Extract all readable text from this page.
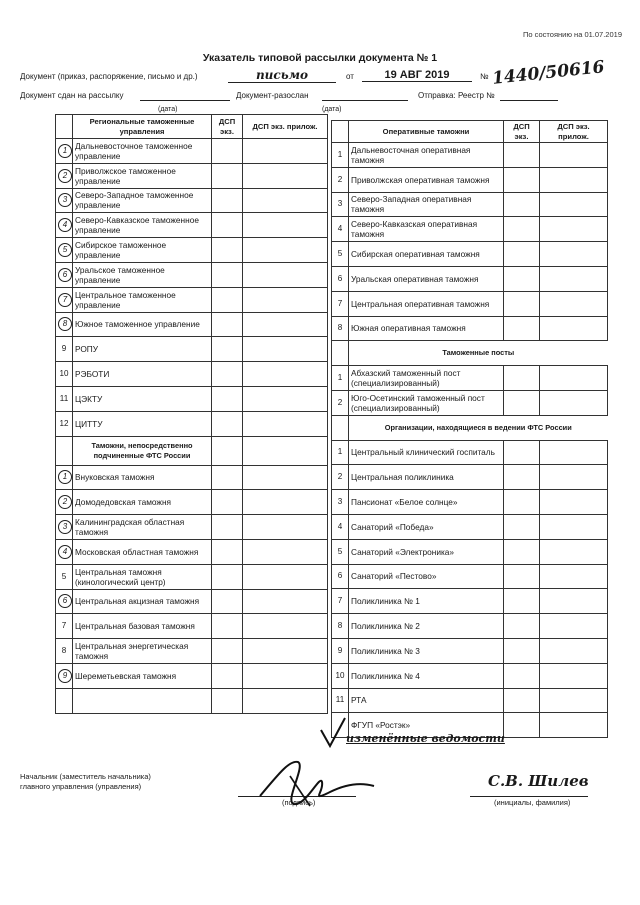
По состоянию на 01.07.2019
Указатель типовой рассылки документа № 1
Документ (приказ, распоряжение, письмо и др.)	письмо	от	19 АВГ 2019	№ 1440/50616
Документ сдан на рассылку	Документ-разослан	Отправка: Реестр №
(дата)	(дата)
	Региональные таможенные управления	ДСП экз.	ДСП экз. прилож.
1	Дальневосточное таможенное управление		
2	Приволжское таможенное управление		
3	Северо-Западное таможенное управление		
4	Северо-Кавказское таможенное управление		
5	Сибирское таможенное управление		
6	Уральское таможенное управление		
7	Центральное таможенное управление		
8	Южное таможенное управление		
9	РОПУ		
10	РЭБОТИ		
11	ЦЭКТУ		
12	ЦИТТУ		
	Таможни, непосредственно подчиненные ФТС России		
1	Внуковская таможня		
2	Домодедовская таможня		
3	Калининградская областная таможня		
4	Московская областная таможня		
5	Центральная таможня (кинологический центр)		
6	Центральная акцизная таможня		
7	Центральная базовая таможня		
8	Центральная энергетическая таможня		
9	Шереметьевская таможня		

	Оперативные таможни	ДСП экз.	ДСП экз. прилож.
1	Дальневосточная оперативная таможня		
2	Приволжская оперативная таможня		
3	Северо-Западная оперативная таможня		
4	Северо-Кавказская оперативная таможня		
5	Сибирская оперативная таможня		
6	Уральская оперативная таможня		
7	Центральная оперативная таможня		
8	Южная оперативная таможня		
	Таможенные посты		
1	Абхазский таможенный пост (специализированный)		
2	Юго-Осетинский таможенный пост (специализированный)		
	Организации, находящиеся в ведении ФТС России		
1	Центральный клинический госпиталь		
2	Центральная поликлиника		
3	Пансионат «Белое солнце»		
4	Санаторий «Победа»		
5	Санаторий «Электроника»		
6	Санаторий «Пестово»		
7	Поликлиника № 1		
8	Поликлиника № 2		
9	Поликлиника № 3		
10	Поликлиника № 4		
11	РТА		
	ФГУП «Ростэк»		
изменённые ведомости
Начальник (заместитель начальника)
главного управления (управления)
(подпись)
С.В. Шилев
(инициалы, фамилия)
